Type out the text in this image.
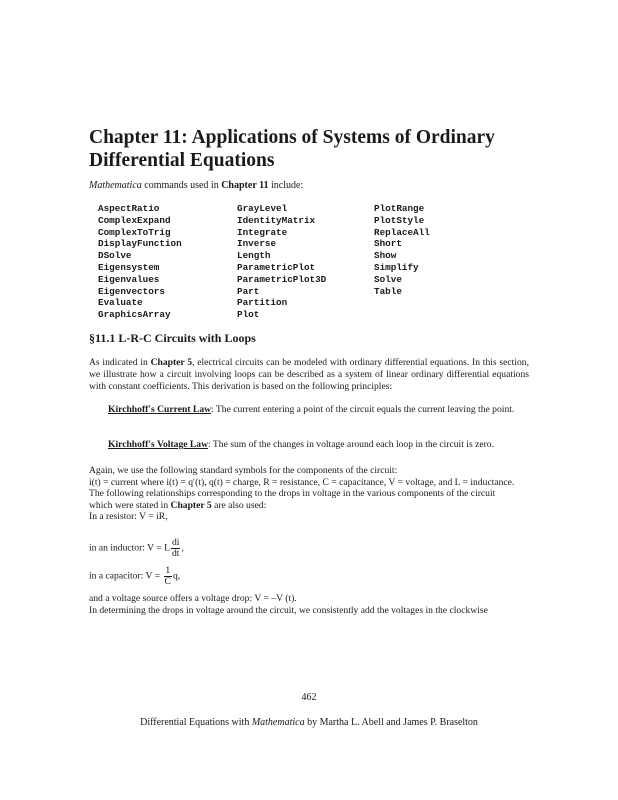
Chapter 11: Applications of Systems of Ordinary
Differential Equations
Mathematica commands used in Chapter 11 include:
AspectRatio
ComplexExpand
ComplexToTrig
DisplayFunction
DSolve
Eigensystem
Eigenvalues
Eigenvectors
Evaluate
GraphicsArray
GrayLevel
IdentityMatrix
Integrate
Inverse
Length
ParametricPlot
ParametricPlot3D
Part
Partition
Plot
PlotRange
PlotStyle
ReplaceAll
Short
Show
Simplify
Solve
Table
§11.1 L-R-C Circuits with Loops
As indicated in Chapter 5, electrical circuits can be modeled with ordinary differential equations. In this section, we illustrate how a circuit involving loops can be described as a system of linear ordinary differential equations with constant coefficients. This derivation is based on the following principles:
Kirchhoff's Current Law: The current entering a point of the circuit equals the current leaving the point.
Kirchhoff's Voltage Law: The sum of the changes in voltage around each loop in the circuit is zero.
Again, we use the following standard symbols for the components of the circuit:
i(t) = current where i(t) = q′(t), q(t) = charge, R = resistance, C = capacitance, V = voltage, and L = inductance.
The following relationships corresponding to the drops in voltage in the various components of the circuit
which were stated in Chapter 5 are also used:
In a resistor: V = iR,
in an inductor: V = L $\frac{di}{dt}$ ,
in a capacitor: $V = \frac{1}{C} q$,
and a voltage source offers a voltage drop: V = –V (t).
In determining the drops in voltage around the circuit, we consistently add the voltages in the clockwise
462
Differential Equations with Mathematica by Martha L. Abell and James P. Braselton
